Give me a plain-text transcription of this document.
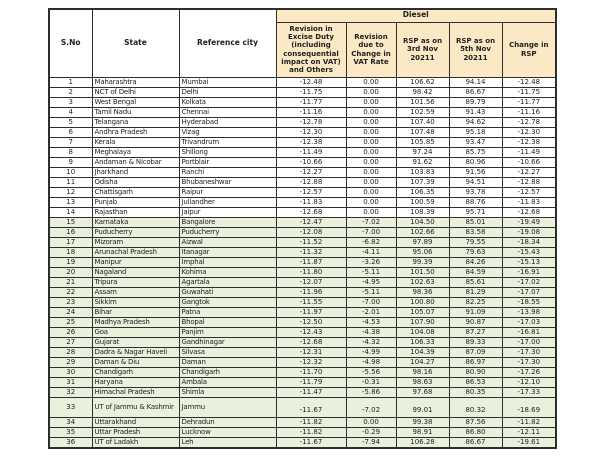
S.No	State	Reference city	Diesel				
			Revision in Excise Duty (including consequential impact on VAT) and Others	Revision due to Change in VAT Rate	RSP as on 3rd Nov 20211	RSP as on 5th Nov 20211	Change in RSP
1	Maharashtra	Mumbai	-12.48	0.00	106.62	94.14	-12.48
2	NCT of Delhi	Delhi	-11.75	0.00	98.42	86.67	-11.75
3	West Bengal	Kolkata	-11.77	0.00	101.56	89.79	-11.77
4	Tamil Nadu	Chennai	-11.16	0.00	102.59	91.43	-11.16
5	Telangana	Hyderabad	-12.78	0.00	107.40	94.62	-12.78
6	Andhra Pradesh	Vizag	-12.30	0.00	107.48	95.18	-12.30
7	Kerala	Trivandrum	-12.38	0.00	105.85	93.47	-12.38
8	Meghalaya	Shillong	-11.49	0.00	97.24	85.75	-11.49
9	Andaman & Nicobar	Portblair	-10.66	0.00	91.62	80.96	-10.66
10	Jharkhand	Ranchi	-12.27	0.00	103.83	91.56	-12.27
11	Odisha	Bhubaneshwar	-12.88	0.00	107.39	94.51	-12.88
12	Chattisgarh	Raipur	-12.57	0.00	106.35	93.78	-12.57
13	Punjab	Jullandher	-11.83	0.00	100.59	88.76	-11.83
14	Rajasthan	Jaipur	-12.68	0.00	108.39	95.71	-12.68
15	Karnataka	Bangalore	-12.47	-7.02	104.50	85.01	-19.49
16	Puducherry	Puducherry	-12.08	-7.00	102.66	83.58	-19.08
17	Mizoram	Aizwal	-11.52	-6.82	97.89	79.55	-18.34
18	Arunachal Pradesh	Itanagar	-11.32	-4.11	95.06	79.63	-15.43
19	Manipur	Imphal	-11.87	-3.26	99.39	84.26	-15.13
20	Nagaland	Kohima	-11.80	-5.11	101.50	84.59	-16.91
21	Tripura	Agartala	-12.07	-4.95	102.63	85.61	-17.02
22	Assam	Guwahati	-11.96	-5.11	98.36	81.29	-17.07
23	Sikkim	Gangtok	-11.55	-7.00	100.80	82.25	-18.55
24	Bihar	Patna	-11.97	-2.01	105.07	91.09	-13.98
25	Madhya Pradesh	Bhopal	-12.50	-4.53	107.90	90.87	-17.03
26	Goa	Panjim	-12.43	-4.38	104.08	87.27	-16.81
27	Gujarat	Gandhinagar	-12.68	-4.32	106.33	89.33	-17.00
28	Dadra & Nagar Haveli	Silvasa	-12.31	-4.99	104.39	87.09	-17.30
29	Daman & Diu	Daman	-12.32	-4.98	104.27	86.97	-17.30
30	Chandigarh	Chandigarh	-11.70	-5.56	98.16	80.90	-17.26
31	Haryana	Ambala	-11.79	-0.31	98.63	86.53	-12.10
32	Himachal Pradesh	Shimla	-11.47	-5.86	97.68	80.35	-17.33
33	UT of Jammu & Kashmir	Jammu	-11.67	-7.02	99.01	80.32	-18.69
34	Uttarakhand	Dehradun	-11.82	0.00	99.38	87.56	-11.82
35	Uttar Pradesh	Lucknow	-11.82	-0.29	98.91	86.80	-12.11
36	UT of Ladakh	Leh	-11.67	-7.94	106.28	86.67	-19.61
